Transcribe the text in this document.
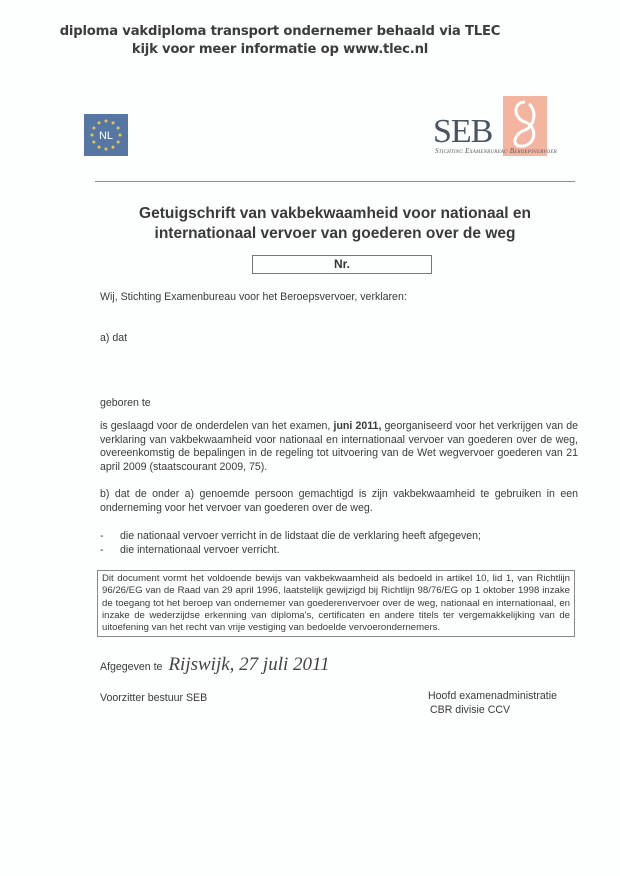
diploma vakdiploma transport ondernemer behaald via TLEC
kijk voor meer informatie op www.tlec.nl
NL	SEB
Stichting Examenbureau Beroepsvervoer
Getuigschrift van vakbekwaamheid voor nationaal en
internationaal vervoer van goederen over de weg
Nr.
Wij, Stichting Examenbureau voor het Beroepsvervoer, verklaren:
a) dat
geboren te
is geslaagd voor de onderdelen van het examen, juni 2011, georganiseerd voor het verkrijgen van de verklaring van vakbekwaamheid voor nationaal en internationaal vervoer van goederen over de weg, overeenkomstig de bepalingen in de regeling tot uitvoering van de Wet wegvervoer goederen van 21 april 2009 (staatscourant 2009, 75).
b) dat de onder a) genoemde persoon gemachtigd is zijn vakbekwaamheid te gebruiken in een onderneming voor het vervoer van goederen over de weg.
-	die nationaal vervoer verricht in de lidstaat die de verklaring heeft afgegeven;
-	die internationaal vervoer verricht.
Dit document vormt het voldoende bewijs van vakbekwaamheid als bedoeld in artikel 10, lid 1, van Richtlijn 96/26/EG van de Raad van 29 april 1996, laatstelijk gewijzigd bij Richtlijn 98/76/EG op 1 oktober 1998 inzake de toegang tot het beroep van ondernemer van goederenvervoer over de weg, nationaal en internationaal, en inzake de wederzijdse erkenning van diploma's, certificaten en andere titels ter vergemakkelijking van de uitoefening van het recht van vrije vestiging van bedoelde vervoerondernemers.
Afgegeven te Rijswijk, 27 juli 2011
Voorzitter bestuur SEB	Hoofd examenadministratie
CBR divisie CCV
